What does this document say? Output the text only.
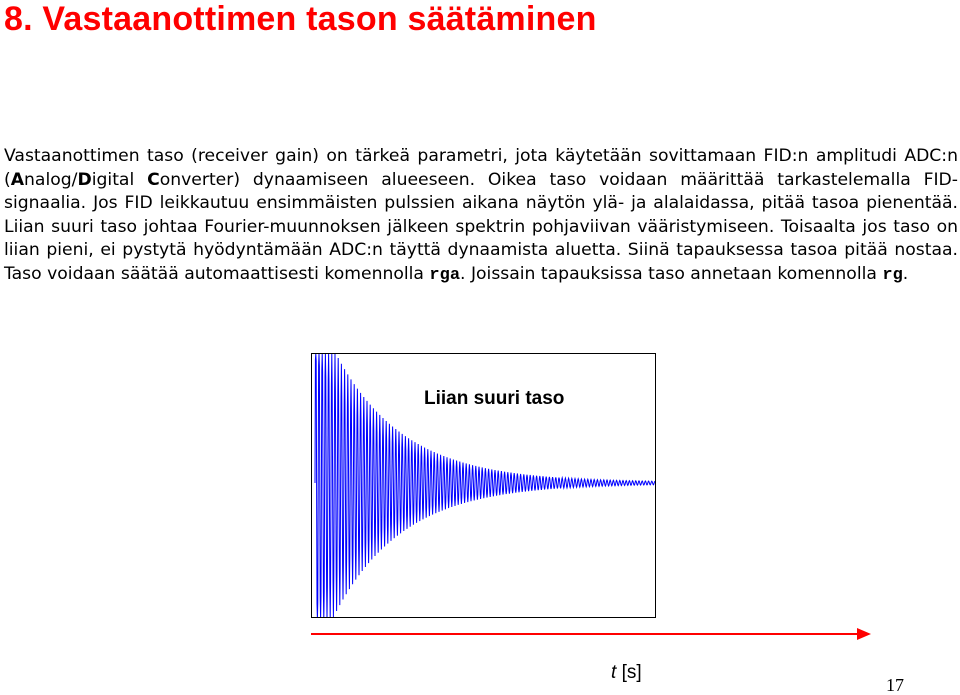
8. Vastaanottimen tason säätäminen
Vastaanottimen taso (receiver gain) on tärkeä parametri, jota käytetään sovittamaan FID:n amplitudi ADC:n (Analog/Digital Converter) dynaamiseen alueeseen. Oikea taso voidaan määrittää tarkastelemalla FID-signaalia. Jos FID leikkautuu ensimmäisten pulssien aikana näytön ylä- ja alalaidassa, pitää tasoa pienentää. Liian suuri taso johtaa Fourier-muunnoksen jälkeen spektrin pohjaviivan vääristymiseen. Toisaalta jos taso on liian pieni, ei pystytä hyödyntämään ADC:n täyttä dynaamista aluetta. Siinä tapauksessa tasoa pitää nostaa. Taso voidaan säätää automaattisesti komennolla rga. Joissain tapauksissa taso annetaan komennolla rg.
Liian suuri taso
t [s]
17
